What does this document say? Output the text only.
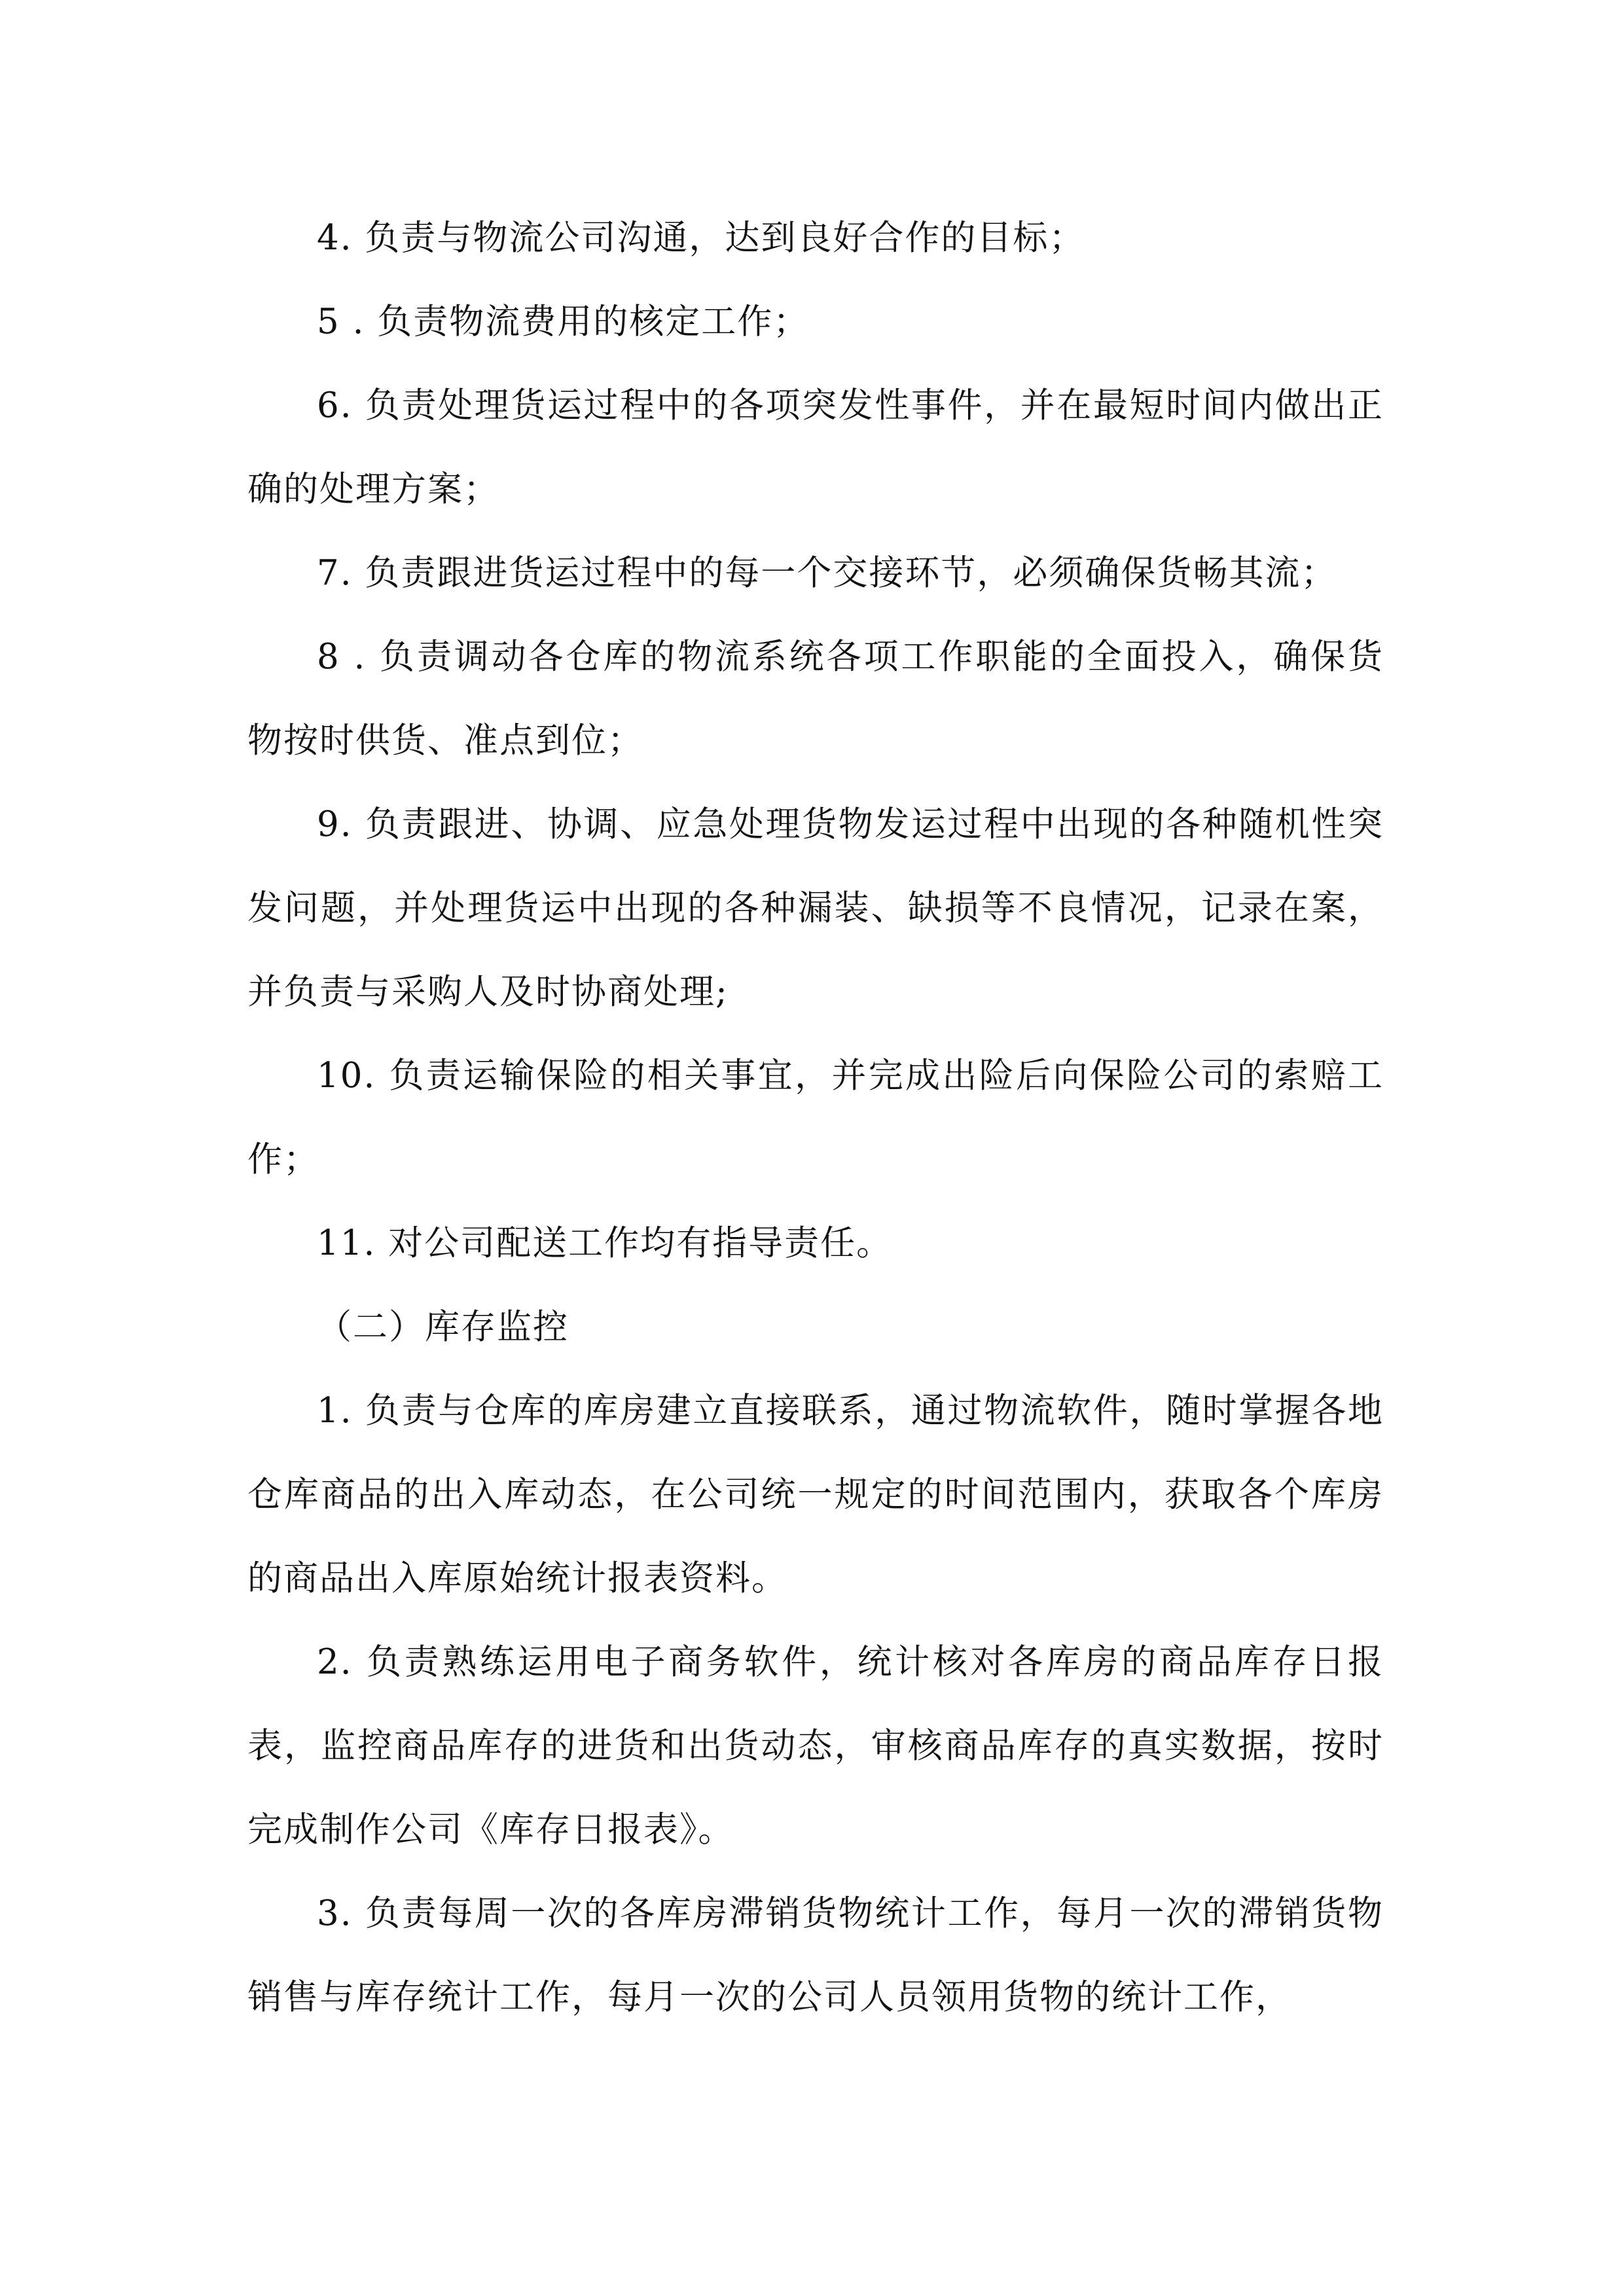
4. 负责与物流公司沟通，达到良好合作的目标；

5 . 负责物流费用的核定工作；

6. 负责处理货运过程中的各项突发性事件，并在最短时间内做出正确的处理方案；

7. 负责跟进货运过程中的每一个交接环节，必须确保货畅其流；

8 . 负责调动各仓库的物流系统各项工作职能的全面投入，确保货物按时供货、准点到位；

9. 负责跟进、协调、应急处理货物发运过程中出现的各种随机性突发问题，并处理货运中出现的各种漏装、缺损等不良情况，记录在案，并负责与采购人及时协商处理;

10. 负责运输保险的相关事宜，并完成出险后向保险公司的索赔工作；

11. 对公司配送工作均有指导责任。

（二）库存监控

1. 负责与仓库的库房建立直接联系，通过物流软件，随时掌握各地仓库商品的出入库动态，在公司统一规定的时间范围内，获取各个库房的商品出入库原始统计报表资料。

2. 负责熟练运用电子商务软件，统计核对各库房的商品库存日报表，监控商品库存的进货和出货动态，审核商品库存的真实数据，按时完成制作公司《库存日报表》。

3. 负责每周一次的各库房滞销货物统计工作，每月一次的滞销货物销售与库存统计工作，每月一次的公司人员领用货物的统计工作，
